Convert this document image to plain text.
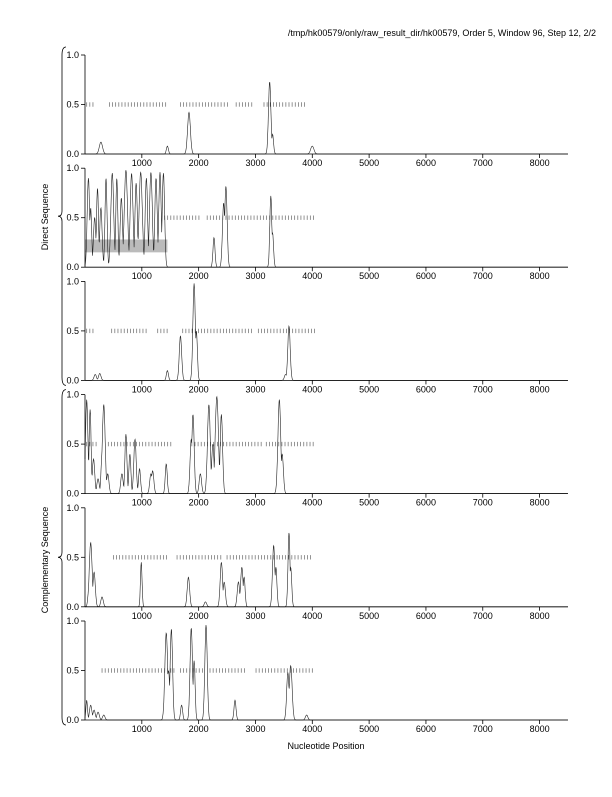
/tmp/hk00579/only/raw_result_dir/hk00579, Order 5, Window 96, Step 12, 2/2
0.0
0.5
1.0
1000	2000	3000	4000	5000	6000	7000	8000
0.0
0.5
1.0
1000	2000	3000	4000	5000	6000	7000	8000
0.0
0.5
1.0
1000	2000	3000	4000	5000	6000	7000	8000
0.0
0.5
1.0
1000	2000	3000	4000	5000	6000	7000	8000
0.0
0.5
1.0
1000	2000	3000	4000	5000	6000	7000	8000
0.0
0.5
1.0
1000	2000	3000	4000	5000	6000	7000	8000
Nucleotide Position
Direct Sequence
Complementary Sequence
